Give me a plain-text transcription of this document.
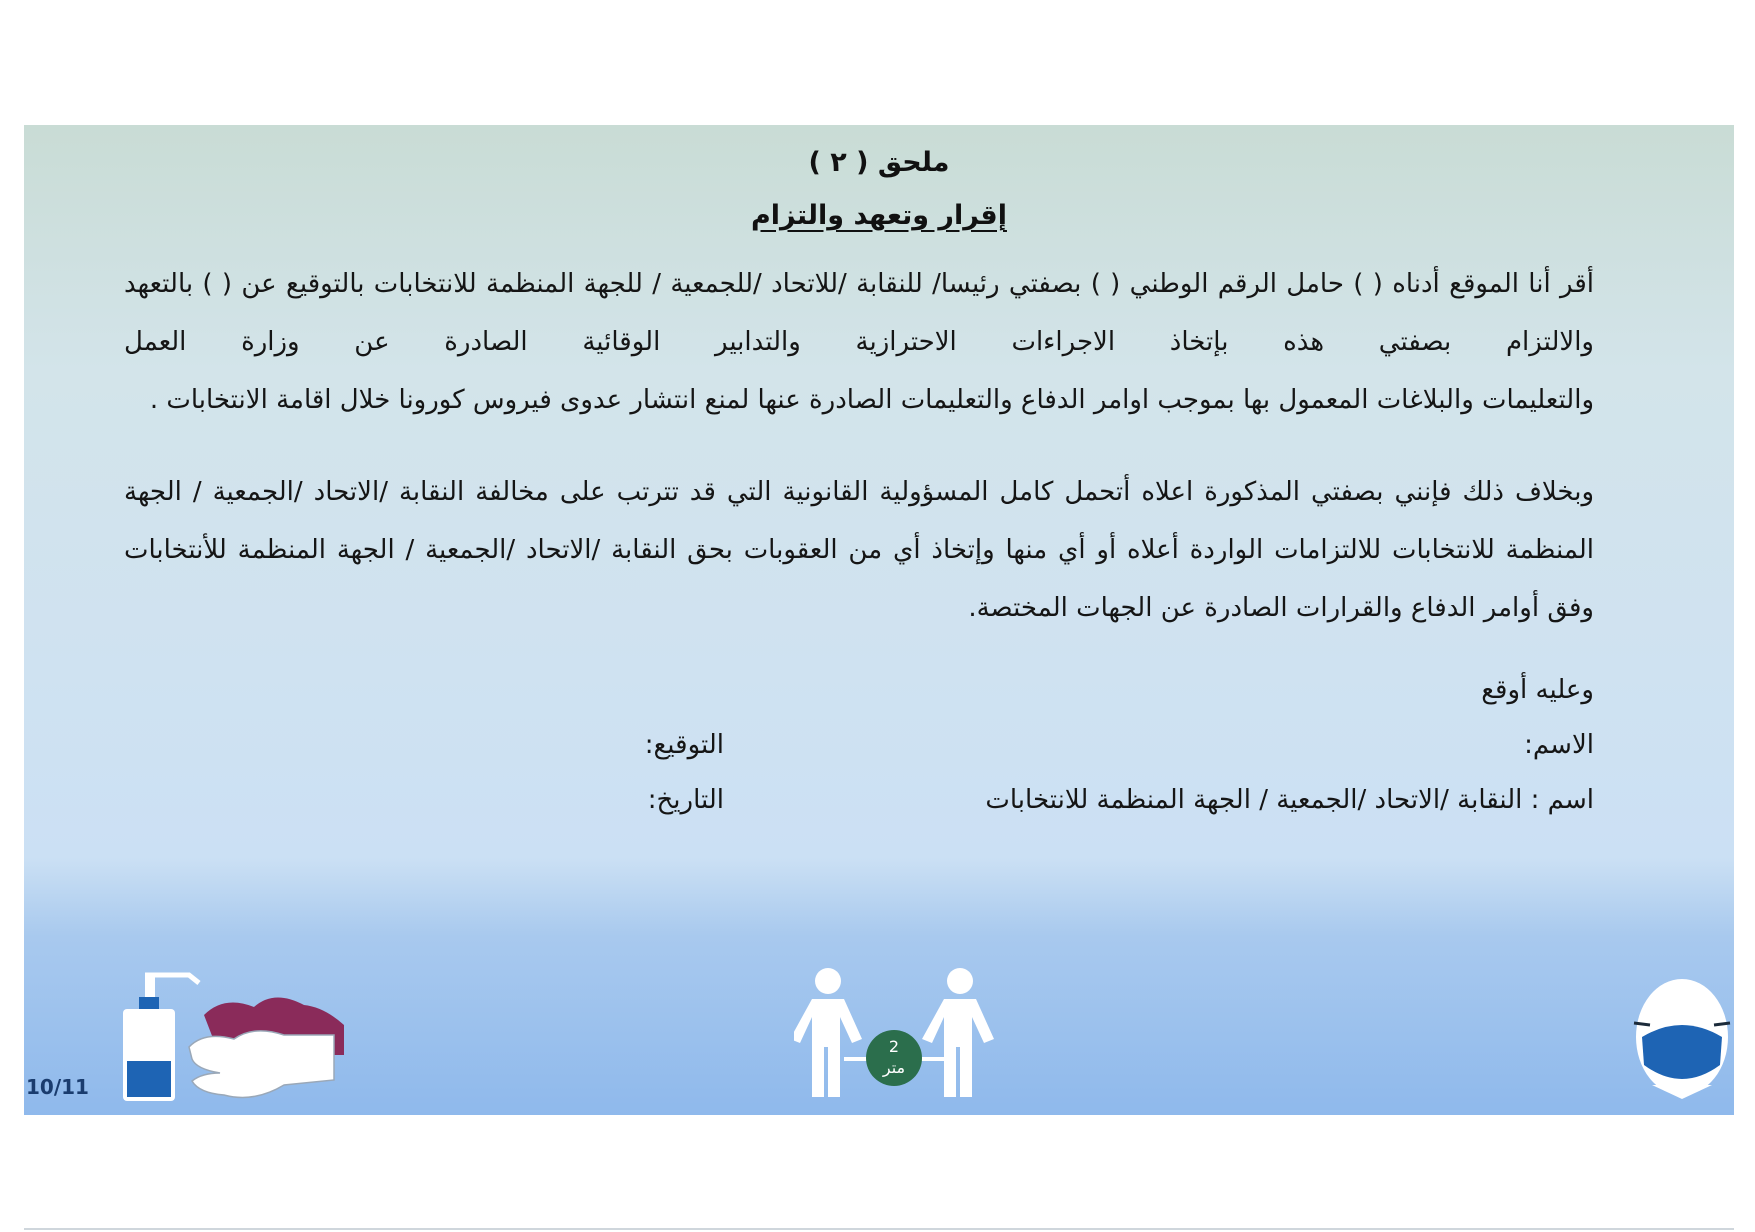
ملحق ( ٢ )
إقرار وتعهد والتزام

أقر أنا الموقع أدناه ( ) حامل الرقم الوطني ( ) بصفتي رئيسا/ للنقابة /للاتحاد /للجمعية / للجهة المنظمة للانتخابات بالتوقيع عن ( ) بالتعهد والالتزام بصفتي هذه بإتخاذ الاجراءات الاحترازية والتدابير الوقائية الصادرة عن وزارة العمل
والتعليمات والبلاغات المعمول بها بموجب اوامر الدفاع والتعليمات الصادرة عنها لمنع انتشار عدوى فيروس كورونا خلال اقامة الانتخابات .

وبخلاف ذلك فإنني بصفتي المذكورة اعلاه أتحمل كامل المسؤولية القانونية التي قد تترتب على مخالفة النقابة /الاتحاد /الجمعية / الجهة المنظمة للانتخابات للالتزامات الواردة أعلاه أو أي منها وإتخاذ أي من العقوبات بحق النقابة /الاتحاد /الجمعية / الجهة المنظمة للأنتخابات
وفق أوامر الدفاع والقرارات الصادرة عن الجهات المختصة.

وعليه أوقع
الاسم:
اسم : النقابة /الاتحاد /الجمعية / الجهة المنظمة للانتخابات
التوقيع:
التاريخ:
2
متر
10/11
